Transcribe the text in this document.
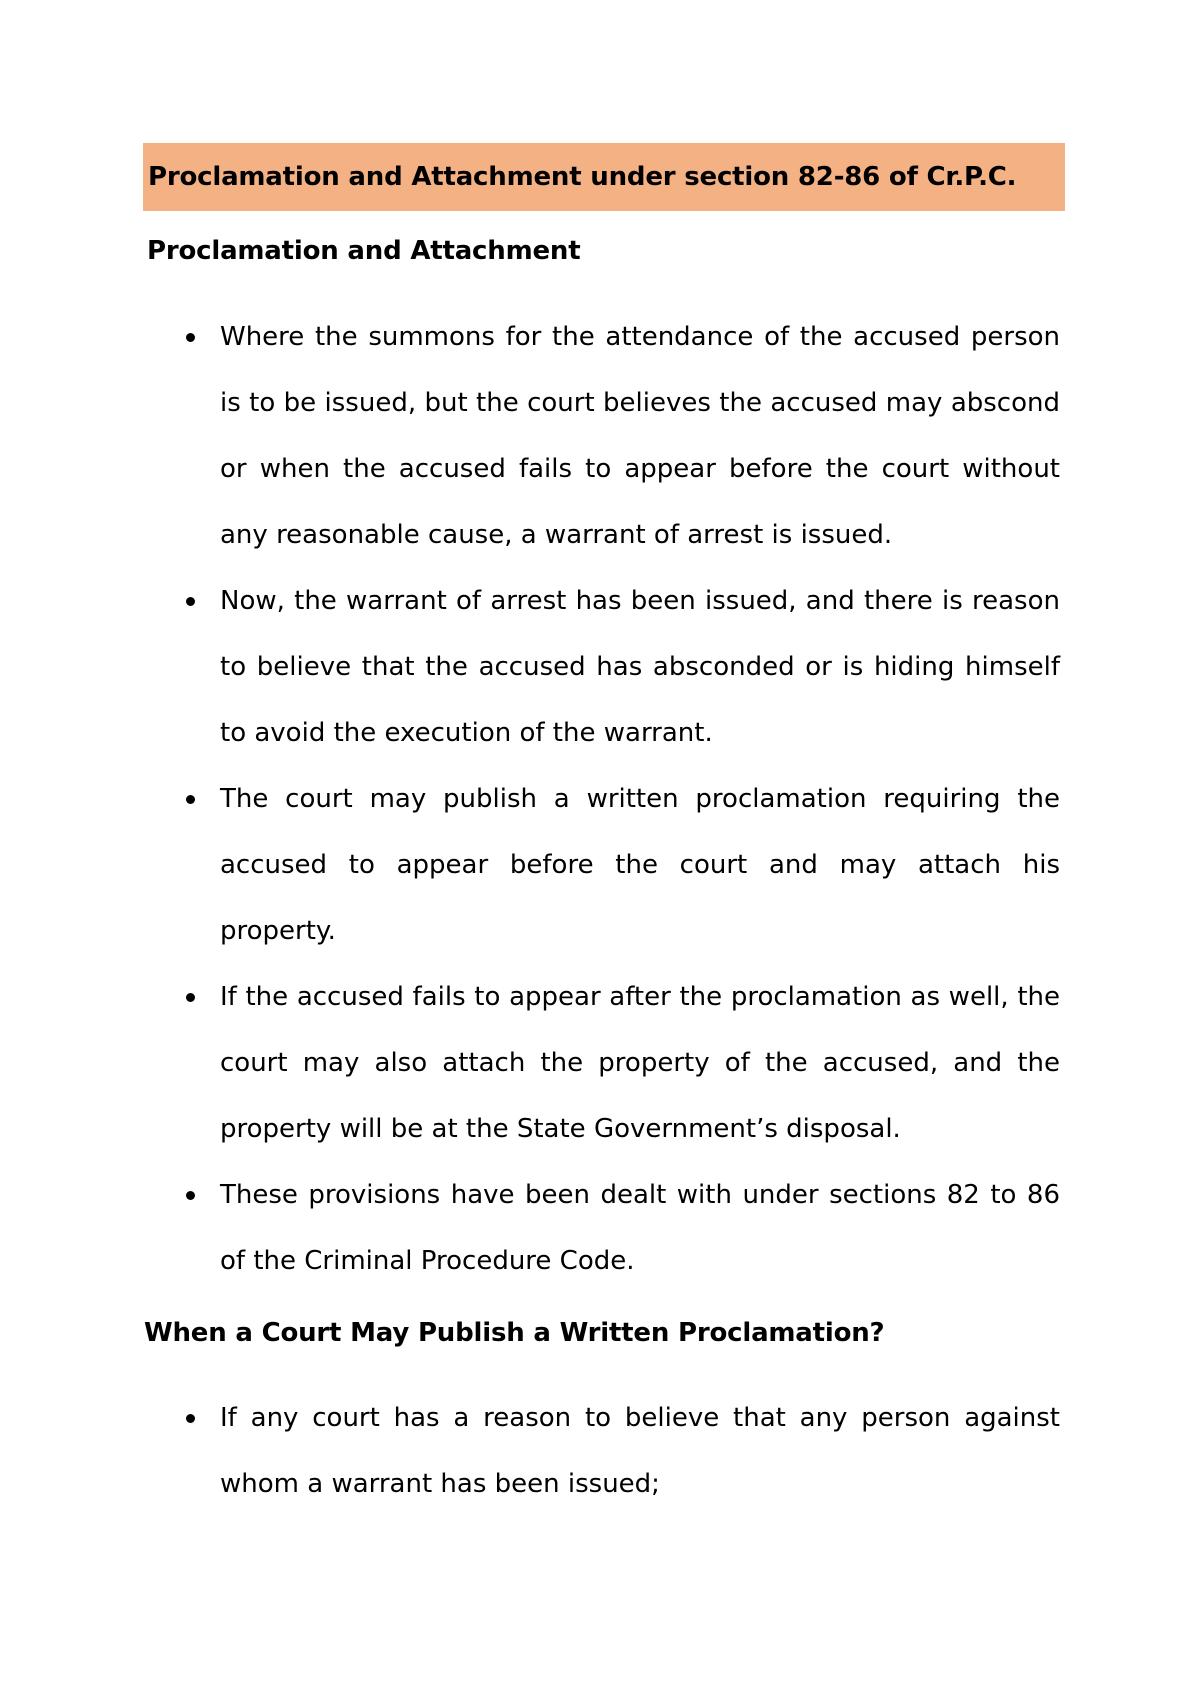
Proclamation and Attachment under section 82-86 of Cr.P.C.
Proclamation and Attachment
Where the summons for the attendance of the accused person is to be issued, but the court believes the accused may abscond or when the accused fails to appear before the court without any reasonable cause, a warrant of arrest is issued.
Now, the warrant of arrest has been issued, and there is reason to believe that the accused has absconded or is hiding himself to avoid the execution of the warrant.
The court may publish a written proclamation requiring the accused to appear before the court and may attach his property.
If the accused fails to appear after the proclamation as well, the court may also attach the property of the accused, and the property will be at the State Government’s disposal.
These provisions have been dealt with under sections 82 to 86 of the Criminal Procedure Code.
When a Court May Publish a Written Proclamation?
If any court has a reason to believe that any person against whom a warrant has been issued;
